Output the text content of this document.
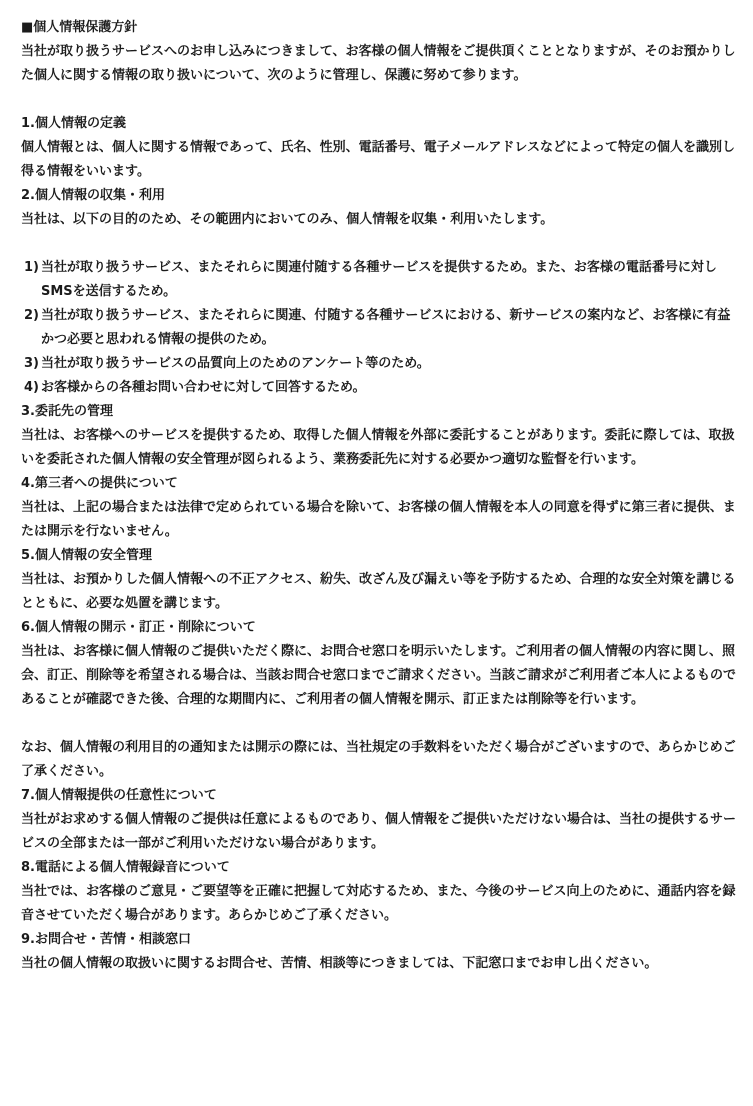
■個人情報保護方針

当社が取り扱うサービスへのお申し込みにつきまして、お客様の個人情報をご提供頂くこととなりますが、そのお預かりした個人に関する情報の取り扱いについて、次のように管理し、保護に努めて参ります。

1.個人情報の定義

個人情報とは、個人に関する情報であって、氏名、性別、電話番号、電子メールアドレスなどによって特定の個人を識別し得る情報をいいます。

2.個人情報の収集・利用

当社は、以下の目的のため、その範囲内においてのみ、個人情報を収集・利用いたします。

1) 当社が取り扱うサービス、またそれらに関連付随する各種サービスを提供するため。また、お客様の電話番号に対しSMSを送信するため。
2) 当社が取り扱うサービス、またそれらに関連、付随する各種サービスにおける、新サービスの案内など、お客様に有益かつ必要と思われる情報の提供のため。
3) 当社が取り扱うサービスの品質向上のためのアンケート等のため。
4) お客様からの各種お問い合わせに対して回答するため。
3.委託先の管理

当社は、お客様へのサービスを提供するため、取得した個人情報を外部に委託することがあります。委託に際しては、取扱いを委託された個人情報の安全管理が図られるよう、業務委託先に対する必要かつ適切な監督を行います。

4.第三者への提供について

当社は、上記の場合または法律で定められている場合を除いて、お客様の個人情報を本人の同意を得ずに第三者に提供、または開示を行ないません。

5.個人情報の安全管理

当社は、お預かりした個人情報への不正アクセス、紛失、改ざん及び漏えい等を予防するため、合理的な安全対策を講じるとともに、必要な処置を講じます。

6.個人情報の開示・訂正・削除について

当社は、お客様に個人情報のご提供いただく際に、お問合せ窓口を明示いたします。ご利用者の個人情報の内容に関し、照会、訂正、削除等を希望される場合は、当該お問合せ窓口までご請求ください。当該ご請求がご利用者ご本人によるものであることが確認できた後、合理的な期間内に、ご利用者の個人情報を開示、訂正または削除等を行います。

なお、個人情報の利用目的の通知または開示の際には、当社規定の手数料をいただく場合がございますので、あらかじめご了承ください。

7.個人情報提供の任意性について

当社がお求めする個人情報のご提供は任意によるものであり、個人情報をご提供いただけない場合は、当社の提供するサービスの全部または一部がご利用いただけない場合があります。

8.電話による個人情報録音について

当社では、お客様のご意見・ご要望等を正確に把握して対応するため、また、今後のサービス向上のために、通話内容を録音させていただく場合があります。あらかじめご了承ください。

9.お問合せ・苦情・相談窓口

当社の個人情報の取扱いに関するお問合せ、苦情、相談等につきましては、下記窓口までお申し出ください。
